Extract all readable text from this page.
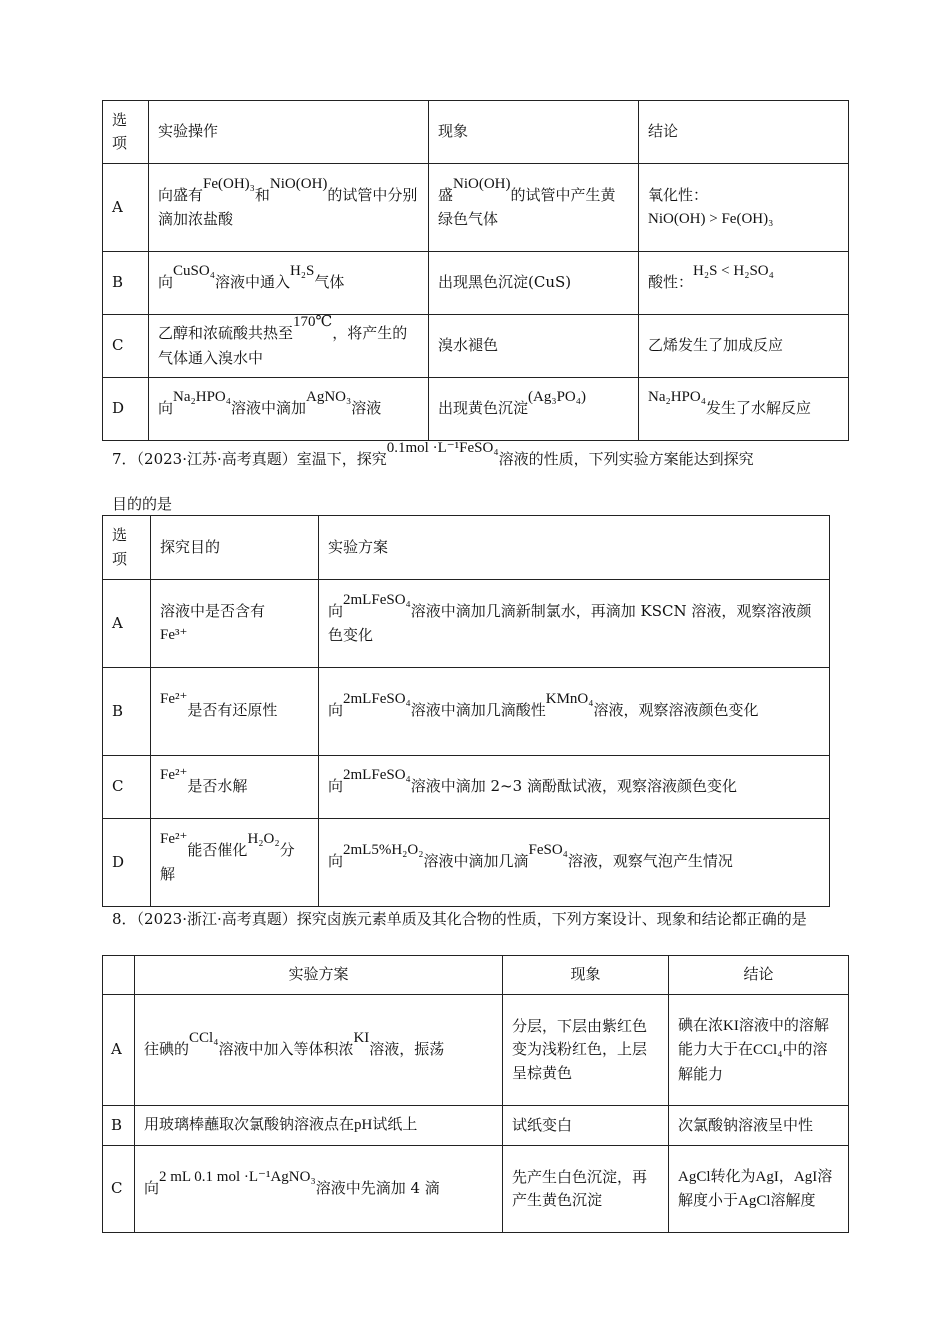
选项	实验操作	现象	结论
A	向盛有Fe(OH)₃和NiO(OH)的试管中分别滴加浓盐酸	盛NiO(OH)的试管中产生黄绿色气体	氧化性：
NiO(OH) > Fe(OH)₃

B	向CuSO₄溶液中通入H₂S气体	出现黑色沉淀(CuS)	酸性：H₂S < H₂SO₄
C	乙醇和浓硫酸共热至170℃，将产生的气体通入溴水中	溴水褪色	乙烯发生了加成反应
D	向Na₂HPO₄溶液中滴加AgNO₃溶液	出现黄色沉淀(Ag₃PO₄)	Na₂HPO₄发生了水解反应
7．（2023·江苏·高考真题）室温下，探究0.1mol ·L⁻¹FeSO₄溶液的性质，下列实验方案能达到探究
目的的是
选项	探究目的	实验方案
A	溶液中是否含有
Fe³⁺	向2mLFeSO₄溶液中滴加几滴新制氯水，再滴加 KSCN 溶液，观察溶液颜色变化
B	Fe²⁺是否有还原性	向2mLFeSO₄溶液中滴加几滴酸性KMnO₄溶液，观察溶液颜色变化
C	Fe²⁺是否水解	向2mLFeSO₄溶液中滴加 2~3 滴酚酞试液，观察溶液颜色变化
D	Fe²⁺能否催化H₂O₂分解	向2mL5%H₂O₂溶液中滴加几滴FeSO₄溶液，观察气泡产生情况
8．（2023·浙江·高考真题）探究卤族元素单质及其化合物的性质，下列方案设计、现象和结论都正确的是
	实验方案	现象	结论
A	往碘的CCl₄溶液中加入等体积浓KI溶液，振荡	分层，下层由紫红色变为浅粉红色，上层呈棕黄色	碘在浓KI溶液中的溶解能力大于在CCl₄中的溶解能力
B	用玻璃棒蘸取次氯酸钠溶液点在pH试纸上	试纸变白	次氯酸钠溶液呈中性
C	向2 mL 0.1 mol ·L⁻¹AgNO₃溶液中先滴加 4 滴	先产生白色沉淀，再产生黄色沉淀	AgCl转化为AgI，AgI溶解度小于AgCl溶解度
